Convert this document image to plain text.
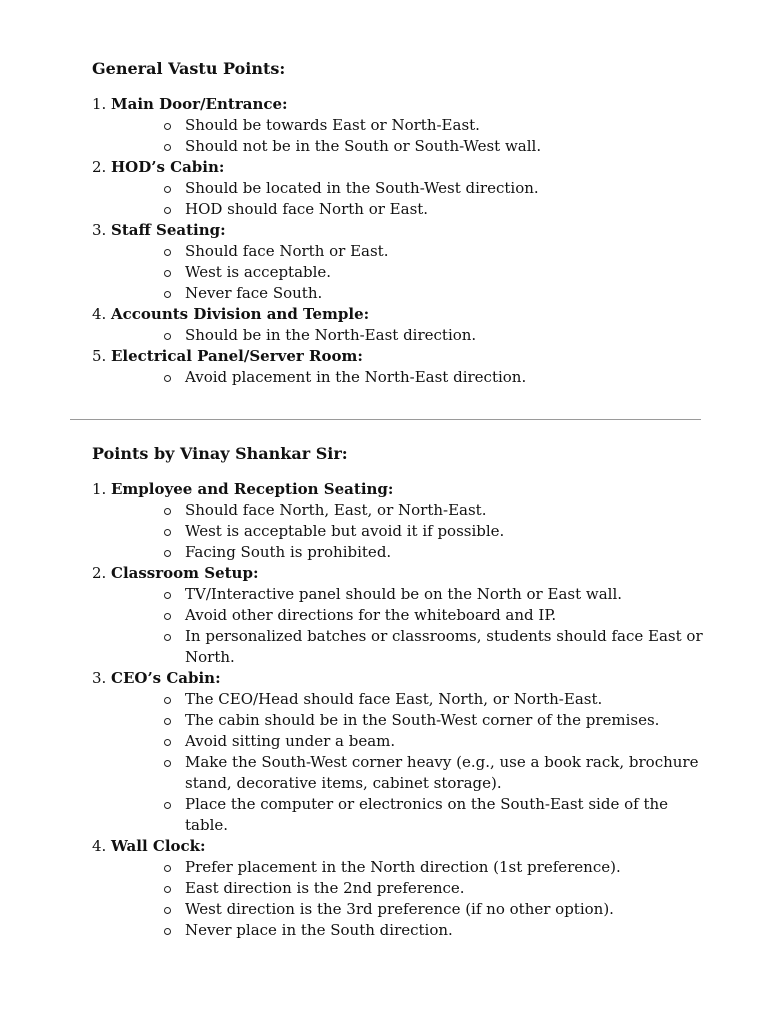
General Vastu Points:
1. Main Door/Entrance:
Should be towards East or North-East.
Should not be in the South or South-West wall.
2. HOD’s Cabin:
Should be located in the South-West direction.
HOD should face North or East.
3. Staff Seating:
Should face North or East.
West is acceptable.
Never face South.
4. Accounts Division and Temple:
Should be in the North-East direction.
5. Electrical Panel/Server Room:
Avoid placement in the North-East direction.
Points by Vinay Shankar Sir:
1. Employee and Reception Seating:
Should face North, East, or North-East.
West is acceptable but avoid it if possible.
Facing South is prohibited.
2. Classroom Setup:
TV/Interactive panel should be on the North or East wall.
Avoid other directions for the whiteboard and IP.
In personalized batches or classrooms, students should face East or North.
3. CEO’s Cabin:
The CEO/Head should face East, North, or North-East.
The cabin should be in the South-West corner of the premises.
Avoid sitting under a beam.
Make the South-West corner heavy (e.g., use a book rack, brochure stand, decorative items, cabinet storage).
Place the computer or electronics on the South-East side of the table.
4. Wall Clock:
Prefer placement in the North direction (1st preference).
East direction is the 2nd preference.
West direction is the 3rd preference (if no other option).
Never place in the South direction.
